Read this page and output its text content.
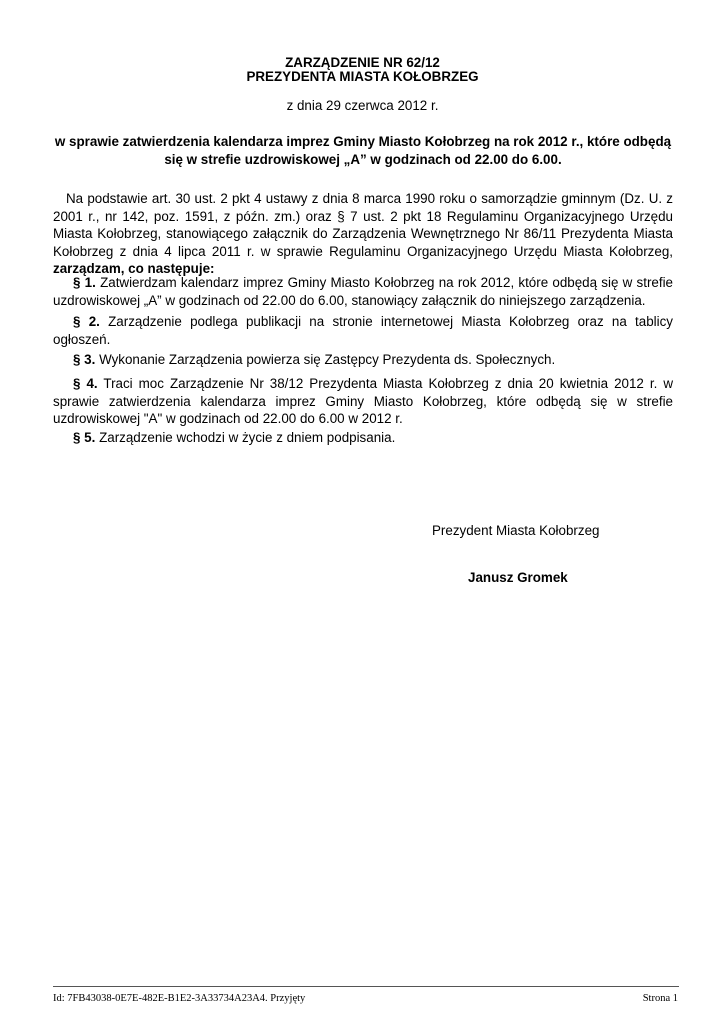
ZARZĄDZENIE NR 62/12
PREZYDENTA MIASTA KOŁOBRZEG
z dnia 29 czerwca 2012 r.
w sprawie zatwierdzenia kalendarza imprez Gminy Miasto Kołobrzeg na rok 2012 r., które odbędą się w strefie uzdrowiskowej „A” w godzinach od 22.00 do 6.00.
Na podstawie art. 30 ust. 2 pkt 4 ustawy z dnia 8 marca 1990 roku o samorządzie gminnym (Dz. U. z 2001 r., nr 142, poz. 1591, z późn. zm.) oraz § 7 ust. 2 pkt 18 Regulaminu Organizacyjnego Urzędu Miasta Kołobrzeg, stanowiącego załącznik do Zarządzenia Wewnętrznego Nr 86/11 Prezydenta Miasta Kołobrzeg z dnia 4 lipca 2011 r. w sprawie Regulaminu Organizacyjnego Urzędu Miasta Kołobrzeg, zarządzam, co następuje:
§ 1. Zatwierdzam kalendarz imprez Gminy Miasto Kołobrzeg na rok 2012, które odbędą się w strefie uzdrowiskowej „A” w godzinach od 22.00 do 6.00, stanowiący załącznik do niniejszego zarządzenia.
§ 2. Zarządzenie podlega publikacji na stronie internetowej Miasta Kołobrzeg oraz na tablicy ogłoszeń.
§ 3. Wykonanie Zarządzenia powierza się Zastępcy Prezydenta ds. Społecznych.
§ 4. Traci moc Zarządzenie Nr 38/12 Prezydenta Miasta Kołobrzeg z dnia 20 kwietnia 2012 r. w sprawie zatwierdzenia kalendarza imprez Gminy Miasto Kołobrzeg, które odbędą się w strefie uzdrowiskowej "A" w godzinach od 22.00 do 6.00 w 2012 r.
§ 5. Zarządzenie wchodzi w życie z dniem podpisania.
Prezydent Miasta Kołobrzeg
Janusz Gromek
Id: 7FB43038-0E7E-482E-B1E2-3A33734A23A4. Przyjęty	Strona 1
